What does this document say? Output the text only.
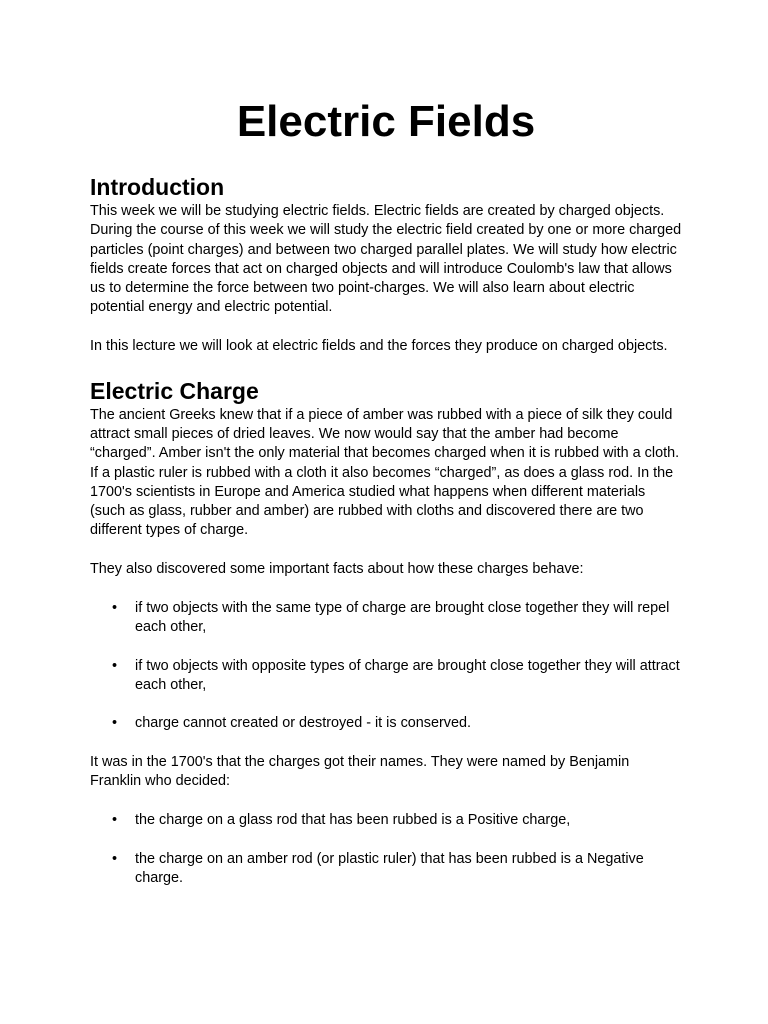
Electric Fields
Introduction

This week we will be studying electric fields. Electric fields are created by charged objects. During the course of this week we will study the electric field created by one or more charged particles (point charges) and between two charged parallel plates. We will study how electric fields create forces that act on charged objects and will introduce Coulomb's law that allows us to determine the force between two point-charges. We will also learn about electric potential energy and electric potential.

In this lecture we will look at electric fields and the forces they produce on charged objects.

Electric Charge

The ancient Greeks knew that if a piece of amber was rubbed with a piece of silk they could attract small pieces of dried leaves. We now would say that the amber had become “charged”. Amber isn't the only material that becomes charged when it is rubbed with a cloth. If a plastic ruler is rubbed with a cloth it also becomes “charged”, as does a glass rod. In the 1700's scientists in Europe and America studied what happens when different materials (such as glass, rubber and amber) are rubbed with cloths and discovered there are two different types of charge.

They also discovered some important facts about how these charges behave:

• if two objects with the same type of charge are brought close together they will repel each other,
• if two objects with opposite types of charge are brought close together they will attract each other,
• charge cannot created or destroyed - it is conserved.

It was in the 1700's that the charges got their names. They were named by Benjamin Franklin who decided:

• the charge on a glass rod that has been rubbed is a Positive charge,
• the charge on an amber rod (or plastic ruler) that has been rubbed is a Negative charge.
